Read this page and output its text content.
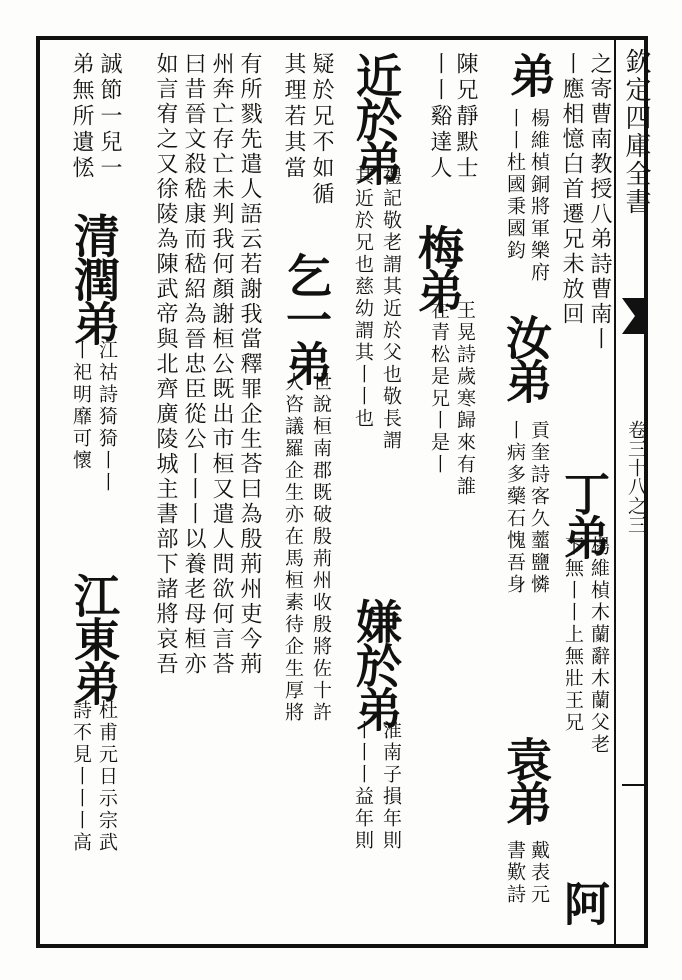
欽定四庫全書
卷三十八之三
之寄曹南教授八弟詩曹南丨
丨應相憶白首遷兄未放回
弟
楊維楨銅將軍樂府
丨丨杜國秉國鈞
汝弟
貢奎詩客久虀鹽憐
丨病多藥石愧吾身 丁弟
楊維楨木蘭辭木蘭父老
下無丨丨上無壯王兄
袁弟
戴表元
書歎詩 阿
陳兄靜默士
丨丨谿達人
梅弟
王晃詩歲寒歸來有誰
在青松是兄丨是丨
近於弟
禮記敬老謂其近於父也敬長謂
其近於兄也慈幼謂其丨丨也
嫌於弟
淮南子損年則
丨丨丨益年則
疑於兄不如循
其理若其當
乞一弟
世說桓南郡既破殷荊州收殷將佐十許
人咨議羅企生亦在馬桓素待企生厚將
有所戮先遣人語云若謝我當釋罪企生荅曰為殷荊州吏今荊
州奔亡存亡未判我何顏謝桓公既出市桓又遣人問欲何言荅
曰昔晉文殺嵇康而嵇紹為晉忠臣從公丨丨丨以養老母桓亦
如言宥之又徐陵為陳武帝與北齊廣陵城主書部下諸將哀吾
誠節一兒一
弟無所遺恡
清潤弟
江祜詩猗猗丨丨
丨祀明靡可懷
江東弟
杜甫元日示宗武
詩不見丨丨丨高
